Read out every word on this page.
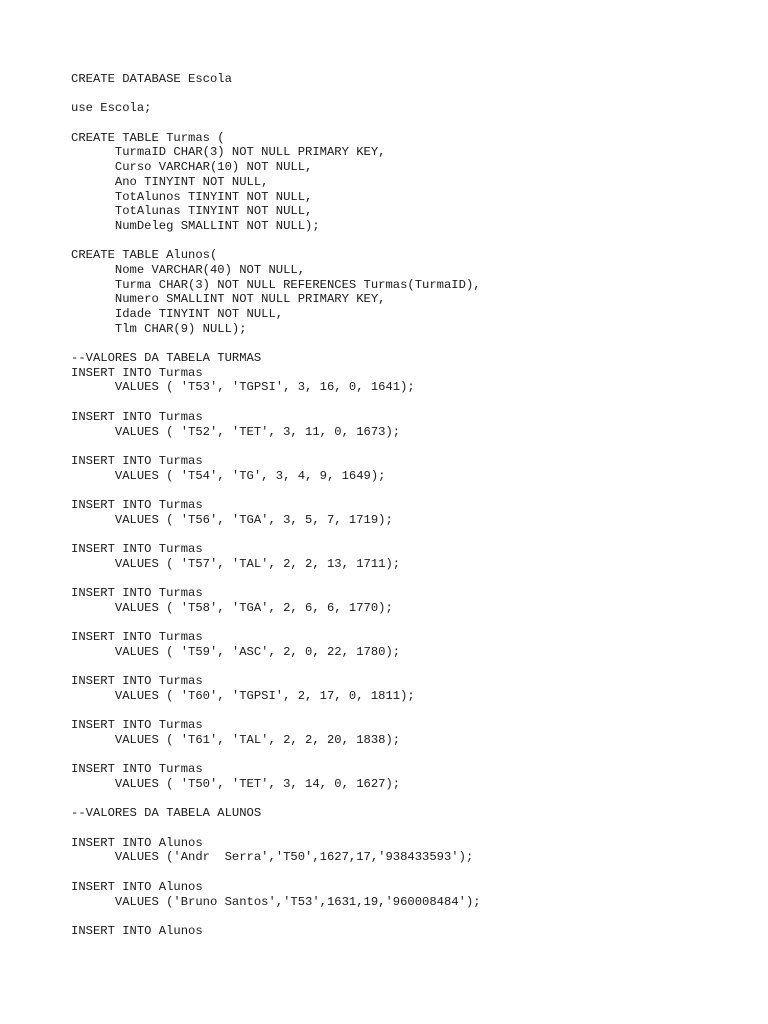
CREATE DATABASE Escola
use Escola;
CREATE TABLE Turmas (
TurmaID CHAR(3) NOT NULL PRIMARY KEY,
Curso VARCHAR(10) NOT NULL,
Ano TINYINT NOT NULL,
TotAlunos TINYINT NOT NULL,
TotAlunas TINYINT NOT NULL,
NumDeleg SMALLINT NOT NULL);
CREATE TABLE Alunos(
Nome VARCHAR(40) NOT NULL,
Turma CHAR(3) NOT NULL REFERENCES Turmas(TurmaID),
Numero SMALLINT NOT NULL PRIMARY KEY,
Idade TINYINT NOT NULL,
Tlm CHAR(9) NULL);
--VALORES DA TABELA TURMAS
INSERT INTO Turmas
VALUES ( 'T53', 'TGPSI', 3, 16, 0, 1641);
INSERT INTO Turmas
VALUES ( 'T52', 'TET', 3, 11, 0, 1673);
INSERT INTO Turmas
VALUES ( 'T54', 'TG', 3, 4, 9, 1649);
INSERT INTO Turmas
VALUES ( 'T56', 'TGA', 3, 5, 7, 1719);
INSERT INTO Turmas
VALUES ( 'T57', 'TAL', 2, 2, 13, 1711);
INSERT INTO Turmas
VALUES ( 'T58', 'TGA', 2, 6, 6, 1770);
INSERT INTO Turmas
VALUES ( 'T59', 'ASC', 2, 0, 22, 1780);
INSERT INTO Turmas
VALUES ( 'T60', 'TGPSI', 2, 17, 0, 1811);
INSERT INTO Turmas
VALUES ( 'T61', 'TAL', 2, 2, 20, 1838);
INSERT INTO Turmas
VALUES ( 'T50', 'TET', 3, 14, 0, 1627);
--VALORES DA TABELA ALUNOS
INSERT INTO Alunos
VALUES ('Andr  Serra','T50',1627,17,'938433593');
INSERT INTO Alunos
VALUES ('Bruno Santos','T53',1631,19,'960008484');
INSERT INTO Alunos
